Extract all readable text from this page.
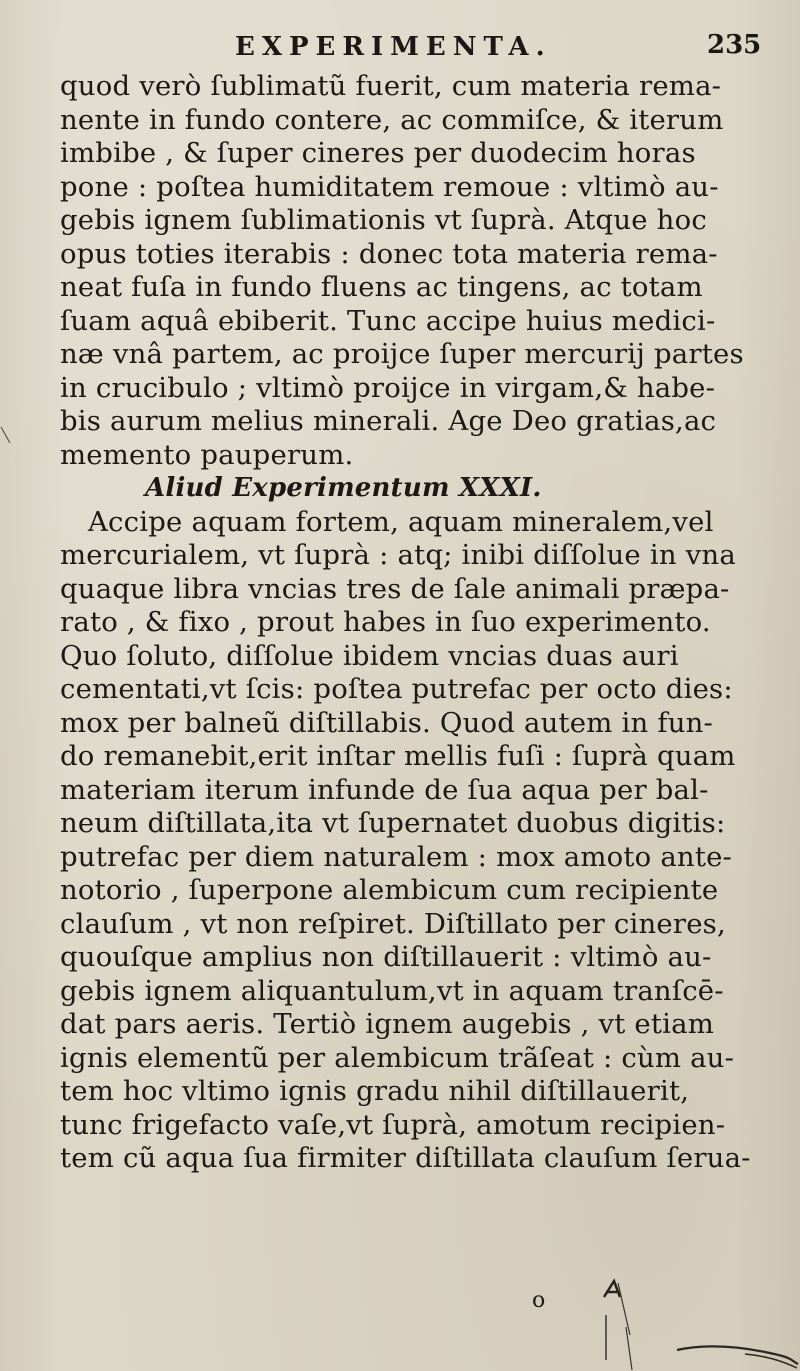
EXPERIMENTA.	235
quod verò ſublimatũ fuerit, cum materia rema-
nente in fundo contere, ac commiſce, & iterum
imbibe , & ſuper cineres per duodecim horas
pone : poſtea humiditatem remoue : vltimò au-
gebis ignem ſublimationis vt ſuprà. Atque hoc
opus toties iterabis : donec tota materia rema-
neat fuſa in fundo fluens ac tingens, ac totam
ſuam aquâ ebiberit. Tunc accipe huius medici-
næ vnâ partem, ac proijce ſuper mercurij partes
in crucibulo ; vltimò proijce in virgam,& habe-
bis aurum melius minerali. Age Deo gratias,ac
memento pauperum.
Aliud Experimentum XXXI.
Accipe aquam fortem, aquam mineralem,vel
mercurialem, vt ſuprà : atq; inibi diſſolue in vna
quaque libra vncias tres de ſale animali præpa-
rato , & fixo , prout habes in ſuo experimento.
Quo ſoluto, diſſolue ibidem vncias duas auri
cementati,vt ſcis: poſtea putrefac per octo dies:
mox per balneũ diſtillabis. Quod autem in fun-
do remanebit,erit inſtar mellis fuſi : ſuprà quam
materiam iterum infunde de ſua aqua per bal-
neum diſtillata,ita vt ſupernatet duobus digitis:
putrefac per diem naturalem : mox amoto ante-
notorio , ſuperpone alembicum cum recipiente
clauſum , vt non reſpiret. Diſtillato per cineres,
quouſque amplius non diſtillauerit : vltimò au-
gebis ignem aliquantulum,vt in aquam tranſcē-
dat pars aeris. Tertiò ignem augebis , vt etiam
ignis elementũ per alembicum trãſeat : cùm au-
tem hoc vltimo ignis gradu nihil diſtillauerit,
tunc frigefacto vaſe,vt ſuprà, amotum recipien-
tem cũ aqua ſua firmiter diſtillata clauſum ſerua-
o
